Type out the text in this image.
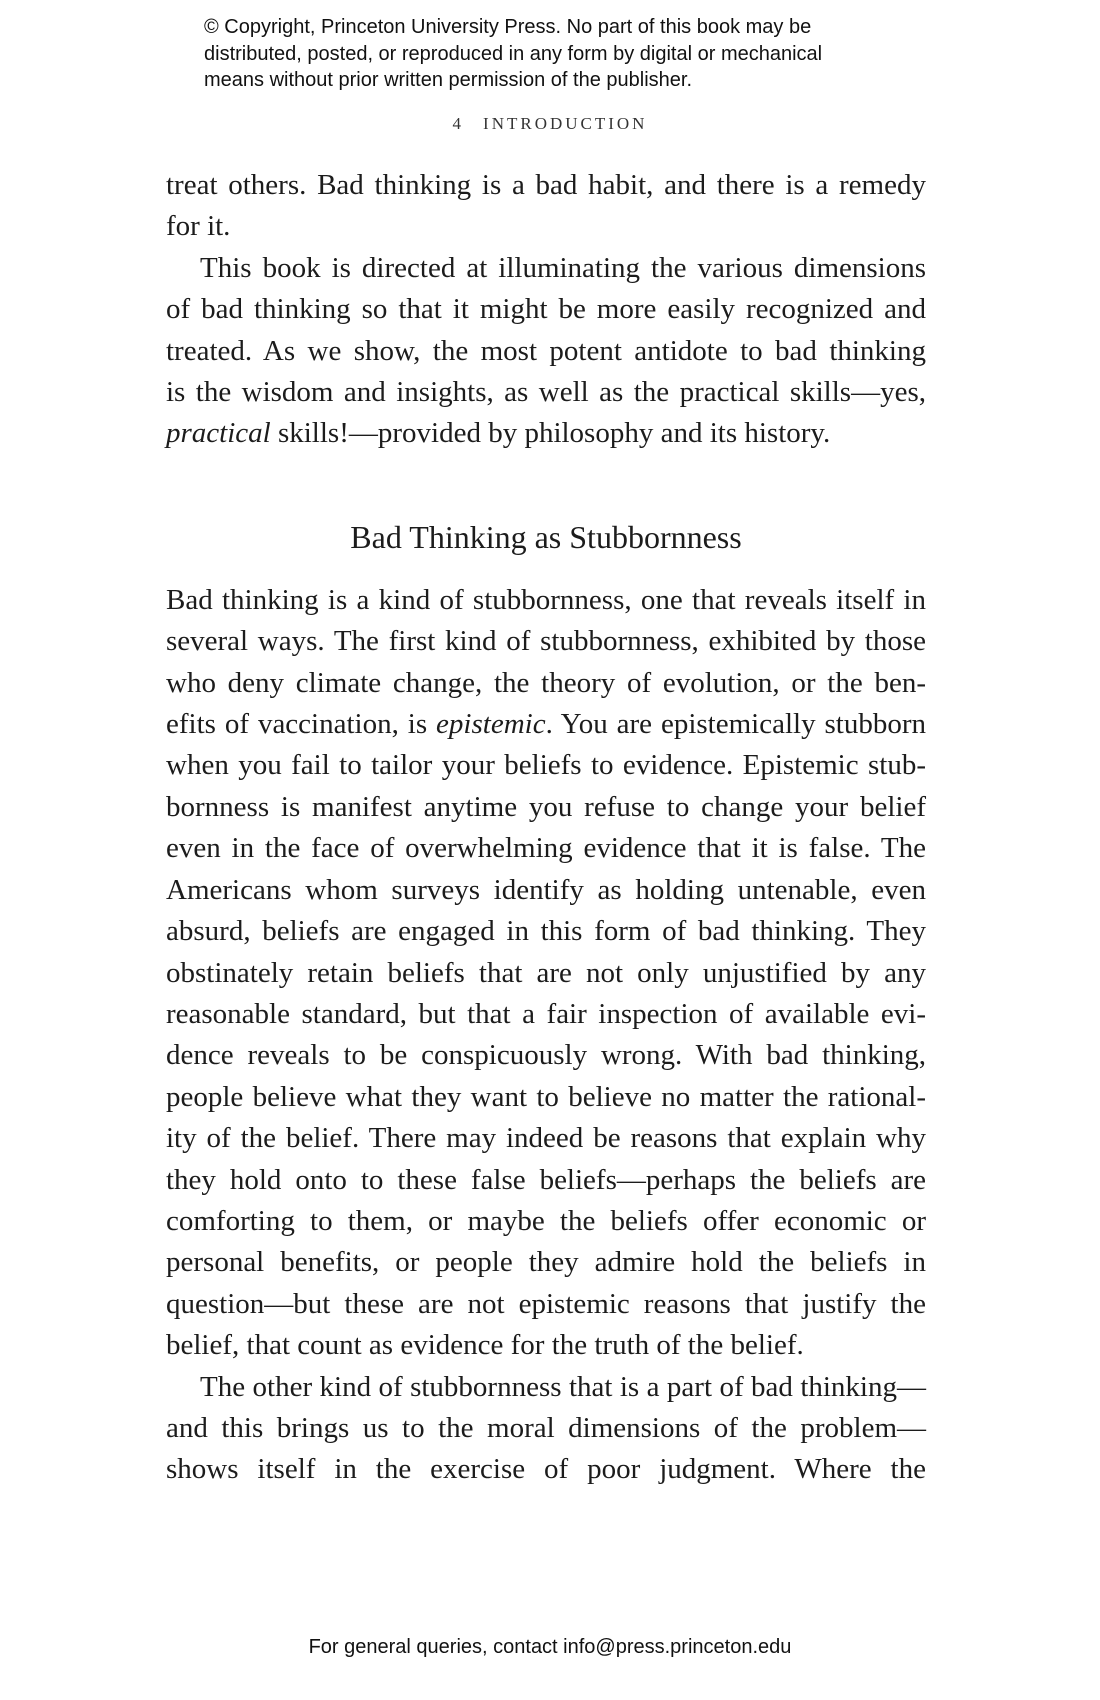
© Copyright, Princeton University Press. No part of this book may be
distributed, posted, or reproduced in any form by digital or mechanical
means without prior written permission of the publisher.
4 INTRODUCTION

treat others. Bad thinking is a bad habit, and there is a remedy
for it.

This book is directed at illuminating the various dimensions
of bad thinking so that it might be more easily recognized and
treated. As we show, the most potent antidote to bad thinking
is the wisdom and insights, as well as the practical skills—yes,
practical skills!—provided by philosophy and its history.

Bad Thinking as Stubbornness

Bad thinking is a kind of stubbornness, one that reveals itself in
several ways. The first kind of stubbornness, exhibited by those
who deny climate change, the theory of evolution, or the ben-
efits of vaccination, is epistemic. You are epistemically stubborn
when you fail to tailor your beliefs to evidence. Epistemic stub-
bornness is manifest anytime you refuse to change your belief
even in the face of overwhelming evidence that it is false. The
Americans whom surveys identify as holding untenable, even
absurd, beliefs are engaged in this form of bad thinking. They
obstinately retain beliefs that are not only unjustified by any
reasonable standard, but that a fair inspection of available evi-
dence reveals to be conspicuously wrong. With bad thinking,
people believe what they want to believe no matter the rational-
ity of the belief. There may indeed be reasons that explain why
they hold onto to these false beliefs—perhaps the beliefs are
comforting to them, or maybe the beliefs offer economic or
personal benefits, or people they admire hold the beliefs in
question—but these are not epistemic reasons that justify the
belief, that count as evidence for the truth of the belief.

The other kind of stubbornness that is a part of bad thinking—
and this brings us to the moral dimensions of the problem—
shows itself in the exercise of poor judgment. Where the

For general queries, contact info@press.princeton.edu
